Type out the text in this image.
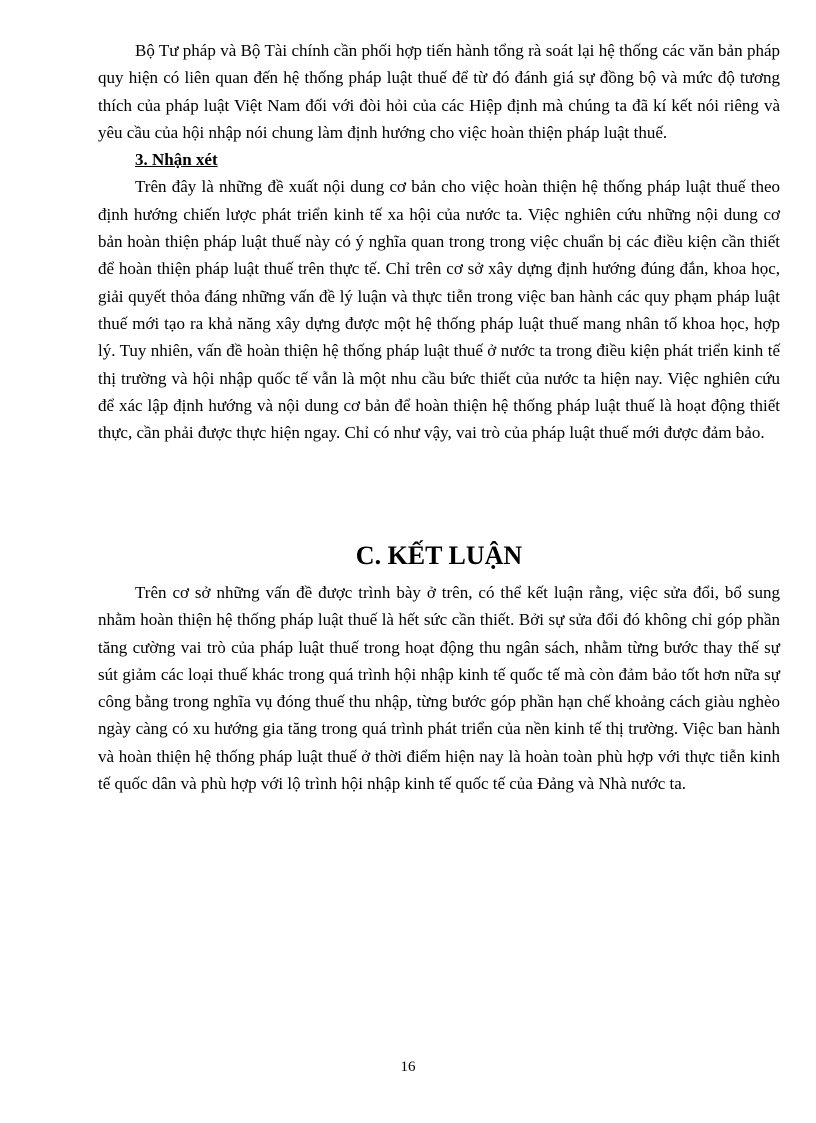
Bộ Tư pháp và Bộ Tài chính cần phối hợp tiến hành tổng rà soát lại hệ thống các văn bản pháp quy hiện có liên quan đến hệ thống pháp luật thuế để từ đó đánh giá sự đồng bộ và mức độ tương thích của pháp luật Việt Nam đối với đòi hỏi của các Hiệp định mà chúng ta đã kí kết nói riêng và yêu cầu của hội nhập nói chung làm định hướng cho việc hoàn thiện pháp luật thuế.

3. Nhận xét

Trên đây là những đề xuất nội dung cơ bản cho việc hoàn thiện hệ thống pháp luật thuế theo định hướng chiến lược phát triển kinh tế xa hội của nước ta. Việc nghiên cứu những nội dung cơ bản hoàn thiện pháp luật thuế này có ý nghĩa quan trong trong việc chuẩn bị các điều kiện cần thiết để hoàn thiện pháp luật thuế trên thực tế. Chỉ trên cơ sở xây dựng định hướng đúng đắn, khoa học, giải quyết thỏa đáng những vấn đề lý luận và thực tiễn trong việc ban hành các quy phạm pháp luật thuế mới tạo ra khả năng xây dựng được một hệ thống pháp luật thuế mang nhân tố khoa học, hợp lý. Tuy nhiên, vấn đề hoàn thiện hệ thống pháp luật thuế ở nước ta trong điều kiện phát triển kinh tế thị trường và hội nhập quốc tế vẫn là một nhu cầu bức thiết của nước ta hiện nay. Việc nghiên cứu để xác lập định hướng và nội dung cơ bản để hoàn thiện hệ thống pháp luật thuế là hoạt động thiết thực, cần phải được thực hiện ngay. Chỉ có như vậy, vai trò của pháp luật thuế mới được đảm bảo.

C. KẾT LUẬN

Trên cơ sở những vấn đề được trình bày ở trên, có thể kết luận rằng, việc sửa đổi, bổ sung nhằm hoàn thiện hệ thống pháp luật thuế là hết sức cần thiết. Bởi sự sửa đổi đó không chỉ góp phần tăng cường vai trò của pháp luật thuế trong hoạt động thu ngân sách, nhằm từng bước thay thế sự sút giảm các loại thuế khác trong quá trình hội nhập kinh tế quốc tế mà còn đảm bảo tốt hơn nữa sự công bằng trong nghĩa vụ đóng thuế thu nhập, từng bước góp phần hạn chế khoảng cách giàu nghèo ngày càng có xu hướng gia tăng trong quá trình phát triển của nền kinh tế thị trường. Việc ban hành và hoàn thiện hệ thống pháp luật thuế ở thời điểm hiện nay là hoàn toàn phù hợp với thực tiễn kinh tế quốc dân và phù hợp với lộ trình hội nhập kinh tế quốc tế của Đảng và Nhà nước ta.

16
